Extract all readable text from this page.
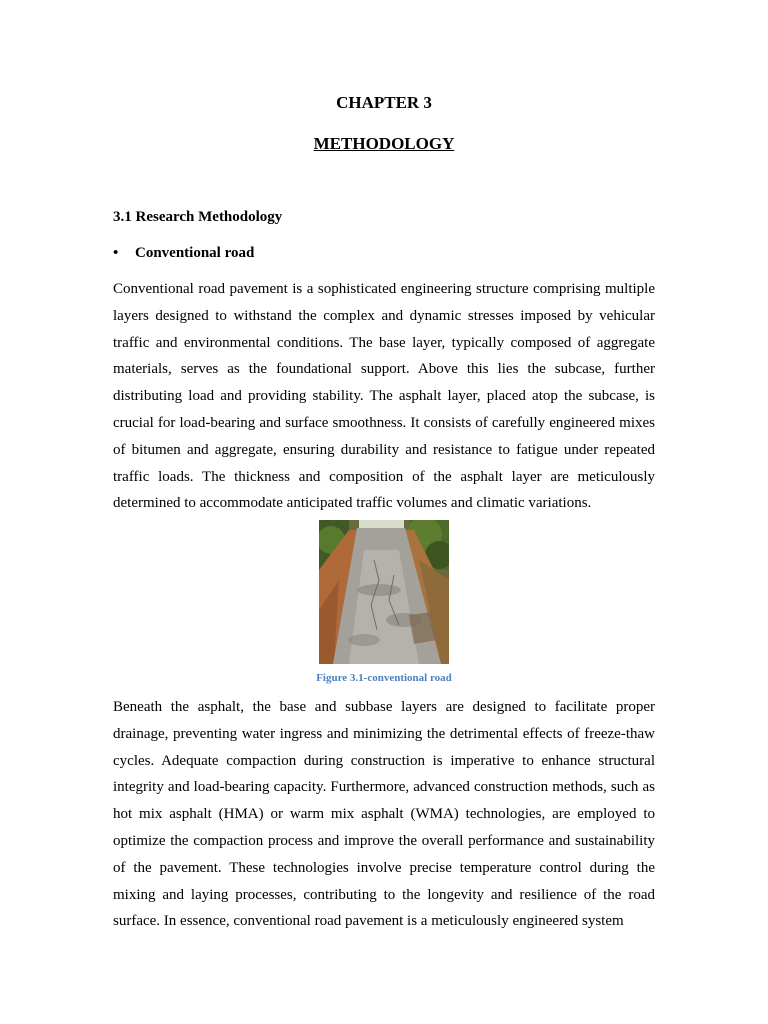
CHAPTER 3
METHODOLOGY
3.1 Research Methodology
•	Conventional road

Conventional road pavement is a sophisticated engineering structure comprising multiple layers designed to withstand the complex and dynamic stresses imposed by vehicular traffic and environmental conditions. The base layer, typically composed of aggregate materials, serves as the foundational support. Above this lies the subcase, further distributing load and providing stability. The asphalt layer, placed atop the subcase, is crucial for load-bearing and surface smoothness. It consists of carefully engineered mixes of bitumen and aggregate, ensuring durability and resistance to fatigue under repeated traffic loads. The thickness and composition of the asphalt layer are meticulously determined to accommodate anticipated traffic volumes and climatic variations.

Figure 3.1-conventional road

Beneath the asphalt, the base and subbase layers are designed to facilitate proper drainage, preventing water ingress and minimizing the detrimental effects of freeze-thaw cycles. Adequate compaction during construction is imperative to enhance structural integrity and load-bearing capacity. Furthermore, advanced construction methods, such as hot mix asphalt (HMA) or warm mix asphalt (WMA) technologies, are employed to optimize the compaction process and improve the overall performance and sustainability of the pavement. These technologies involve precise temperature control during the mixing and laying processes, contributing to the longevity and resilience of the road surface. In essence, conventional road pavement is a meticulously engineered system
